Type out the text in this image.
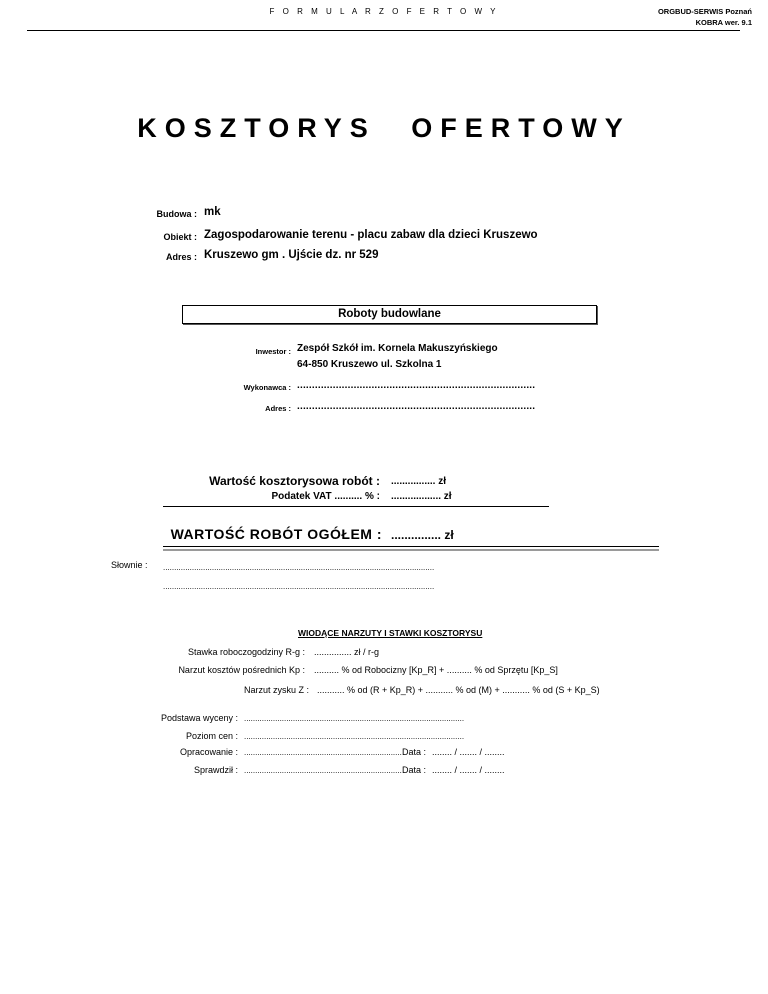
F O R M U L A R Z O F E R T O W Y	ORGBUD-SERWIS Poznań
KOBRA wer. 9.1
KOSZTORYS OFERTOWY
Budowa : mk
Obiekt : Zagospodarowanie terenu - placu zabaw dla dzieci Kruszewo
Adres : Kruszewo gm . Ujście dz. nr 529
Roboty budowlane
Inwestor : Zespół Szkół im. Kornela Makuszyńskiego
64-850 Kruszewo ul. Szkolna 1
Wykonawca : ................................................................................
Adres : ................................................................................
Wartość kosztorysowa robót : ................ zł
Podatek VAT .......... % : .................. zł
WARTOŚĆ ROBÓT OGÓŁEM : ............... zł
Słownie : ..........................................................................................................................
..........................................................................................................................
WIODĄCE NARZUTY I STAWKI KOSZTORYSU
Stawka roboczogodziny R-g : ............... zł / r-g
Narzut kosztów pośrednich Kp : .......... % od Robocizny [Kp_R] + .......... % od Sprzętu [Kp_S]
Narzut zysku Z : ........... % od (R + Kp_R) + ........... % od (M) + ........... % od (S + Kp_S)
Podstawa wyceny : ...................................................................................................
Poziom cen : ...................................................................................................
Opracowanie : ....................................................................... Data : ........ / ....... / ........
Sprawdził : ....................................................................... Data : ........ / ....... / ........
